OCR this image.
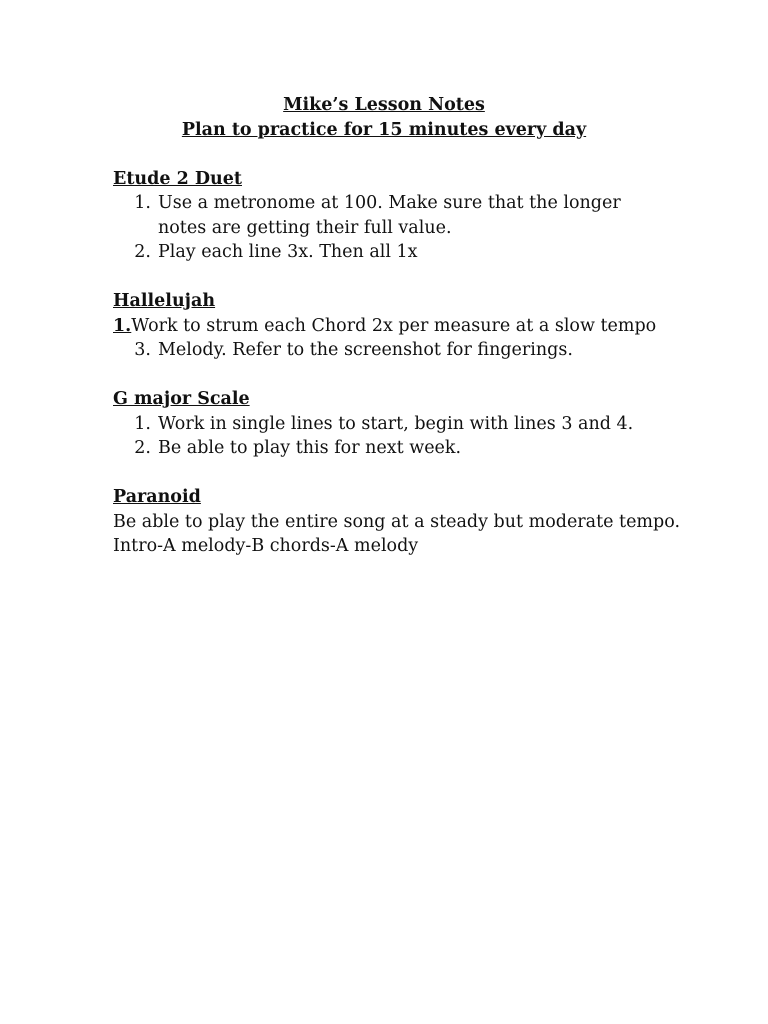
Mike’s Lesson Notes
Plan to practice for 15 minutes every day
Etude 2 Duet
1. Use a metronome at 100. Make sure that the longer notes are getting their full value.
2. Play each line 3x. Then all 1x
Hallelujah
1.Work to strum each Chord 2x per measure at a slow tempo
3. Melody. Refer to the screenshot for fingerings.
G major Scale
1. Work in single lines to start, begin with lines 3 and 4.
2. Be able to play this for next week.
Paranoid
Be able to play the entire song at a steady but moderate tempo.
Intro-A melody-B chords-A melody
